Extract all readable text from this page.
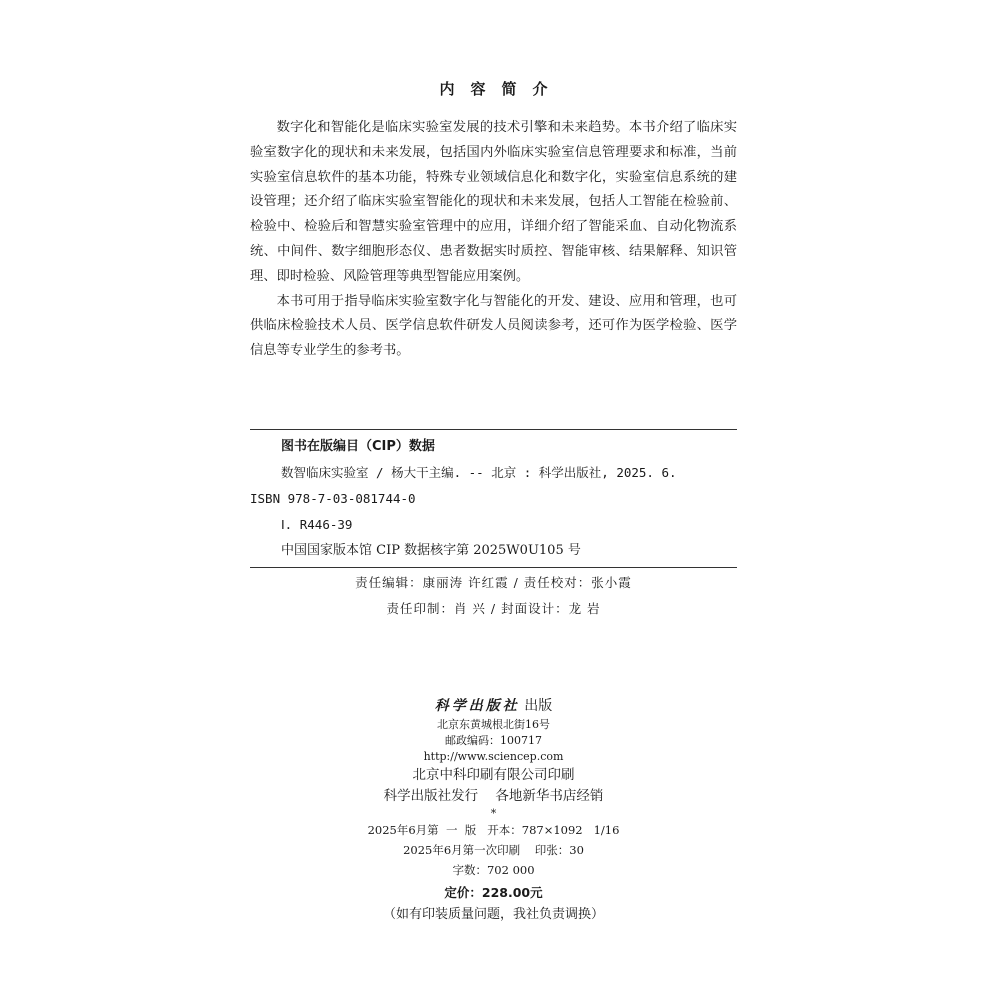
内容简介

数字化和智能化是临床实验室发展的技术引擎和未来趋势。本书介绍了临床实验室数字化的现状和未来发展，包括国内外临床实验室信息管理要求和标准，当前实验室信息软件的基本功能，特殊专业领域信息化和数字化，实验室信息系统的建设管理；还介绍了临床实验室智能化的现状和未来发展，包括人工智能在检验前、检验中、检验后和智慧实验室管理中的应用，详细介绍了智能采血、自动化物流系统、中间件、数字细胞形态仪、患者数据实时质控、智能审核、结果解释、知识管理、即时检验、风险管理等典型智能应用案例。

本书可用于指导临床实验室数字化与智能化的开发、建设、应用和管理，也可供临床检验技术人员、医学信息软件研发人员阅读参考，还可作为医学检验、医学信息等专业学生的参考书。

图书在版编目（CIP）数据
数智临床实验室 / 杨大干主编. -- 北京 : 科学出版社, 2025. 6.
ISBN 978-7-03-081744-0
Ⅰ. R446-39
中国国家版本馆 CIP 数据核字第 2025W0U105 号
责任编辑：康丽涛 许红霞 / 责任校对：张小霞
责任印制：肖 兴 / 封面设计：龙 岩
科学出版社 出版
北京东黄城根北街16号
邮政编码：100717
http://www.sciencep.com
北京中科印刷有限公司印刷
科学出版社发行    各地新华书店经销
*
2025年6月第  一  版   开本：787×1092   1/16
2025年6月第一次印刷    印张：30
字数：702 000
定价：228.00元
（如有印装质量问题，我社负责调换）
